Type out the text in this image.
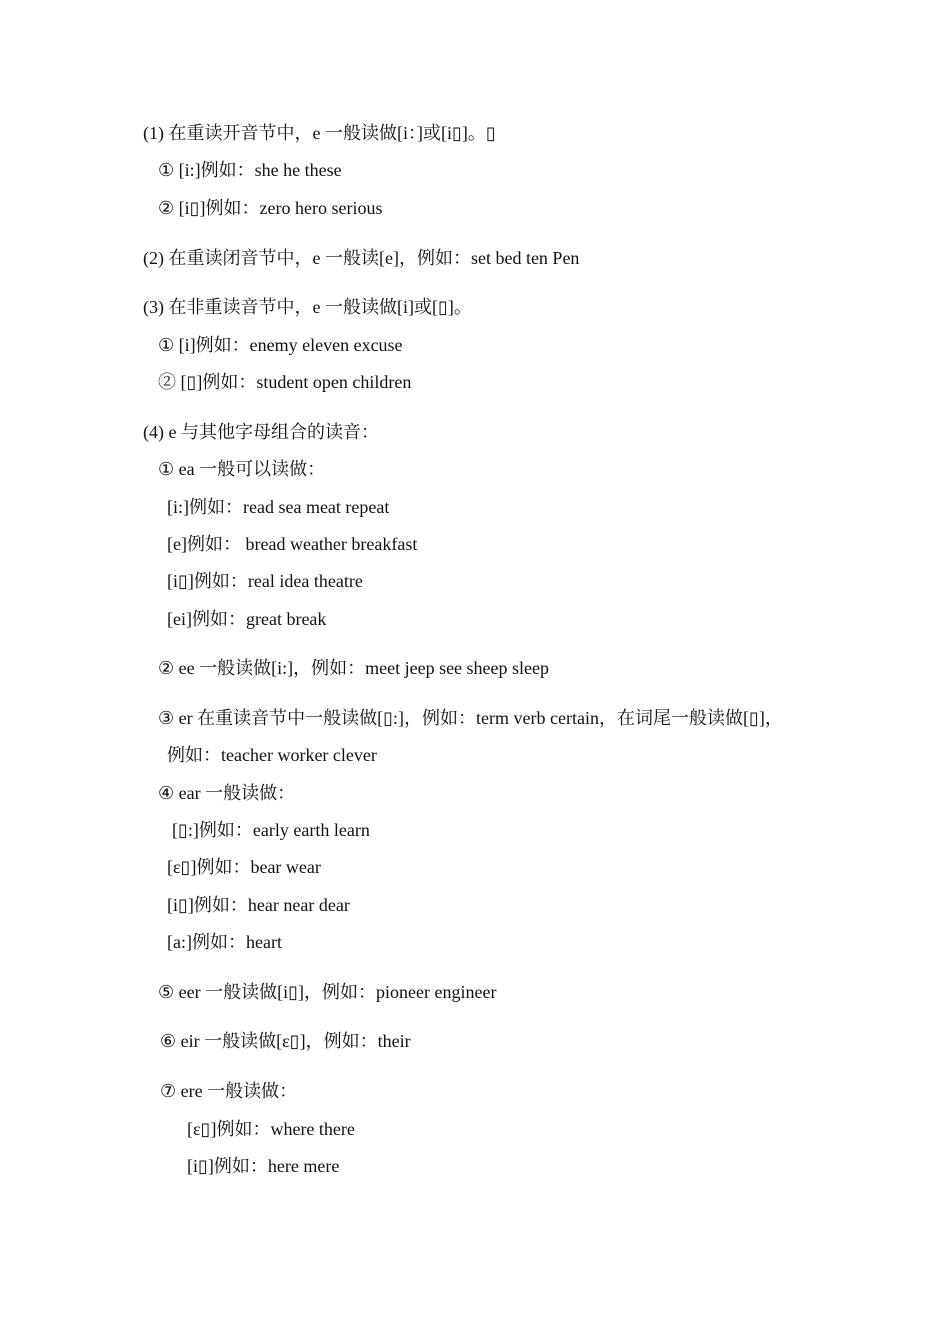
(1) 在重读开音节中，e 一般读做[i：]或[i▯]。▯
① [i:]例如：she he these
② [i▯]例如：zero hero serious
(2) 在重读闭音节中，e 一般读[e]，例如：set bed ten Pen
(3) 在非重读音节中，e 一般读做[i]或[▯]。
① [i]例如：enemy eleven excuse
② [▯]例如：student open children
(4) e 与其他字母组合的读音：
① ea 一般可以读做：
[i:]例如：read sea meat repeat
[e]例如： bread weather breakfast
[i▯]例如：real idea theatre
[ei]例如：great break
② ee 一般读做[i:]，例如：meet jeep see sheep sleep
③ er 在重读音节中一般读做[▯:]，例如：term verb certain，在词尾一般读做[▯]，
例如：teacher worker clever
④ ear 一般读做：
[▯:]例如：early earth learn
[ε▯]例如：bear wear
[i▯]例如：hear near dear
[a:]例如：heart
⑤ eer 一般读做[i▯]，例如：pioneer engineer
⑥ eir 一般读做[ε▯]，例如：their
⑦ ere 一般读做：
[ε▯]例如：where there
[i▯]例如：here mere
